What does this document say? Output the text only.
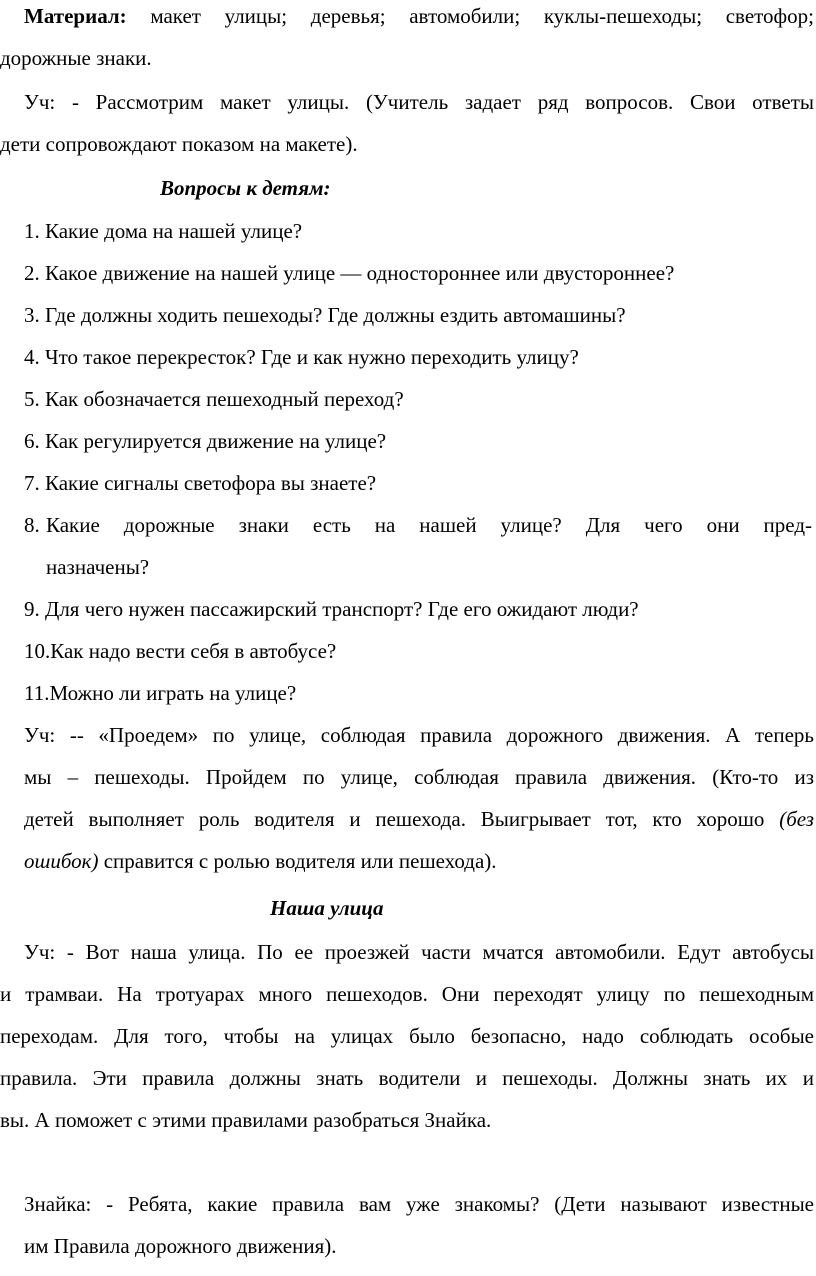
Материал: макет улицы; деревья; автомобили; куклы-пешеходы; светофор;
дорожные знаки.
Уч: - Рассмотрим макет улицы. (Учитель задает ряд вопросов. Свои ответы
дети сопровождают показом на макете).
Вопросы к детям:
1. Какие дома на нашей улице?
2. Какое движение на нашей улице — одностороннее или двустороннее?
3. Где должны ходить пешеходы? Где должны ездить автомашины?
4. Что такое перекресток? Где и как нужно переходить улицу?
5. Как обозначается пешеходный переход?
6. Как регулируется движение на улице?
7. Какие сигналы светофора вы знаете?
8. Какие дорожные знаки есть на нашей улице? Для чего они пред-
назначены?
9. Для чего нужен пассажирский транспорт? Где его ожидают люди?
10.Как надо вести себя в автобусе?
11.Можно ли играть на улице?
Уч: -- «Проедем» по улице, соблюдая правила дорожного движения. А теперь
мы – пешеходы. Пройдем по улице, соблюдая правила движения. (Кто-то из
детей выполняет роль водителя и пешехода. Выигрывает тот, кто хорошо (без
ошибок) справится с ролью водителя или пешехода).
Наша улица
Уч: - Вот наша улица. По ее проезжей части мчатся автомобили. Едут автобусы
и трамваи. На тротуарах много пешеходов. Они переходят улицу по пешеходным
переходам. Для того, чтобы на улицах было безопасно, надо соблюдать особые
правила. Эти правила должны знать водители и пешеходы. Должны знать их и
вы. А поможет с этими правилами разобраться Знайка.
Знайка: - Ребята, какие правила вам уже знакомы? (Дети называют известные
им Правила дорожного движения).
